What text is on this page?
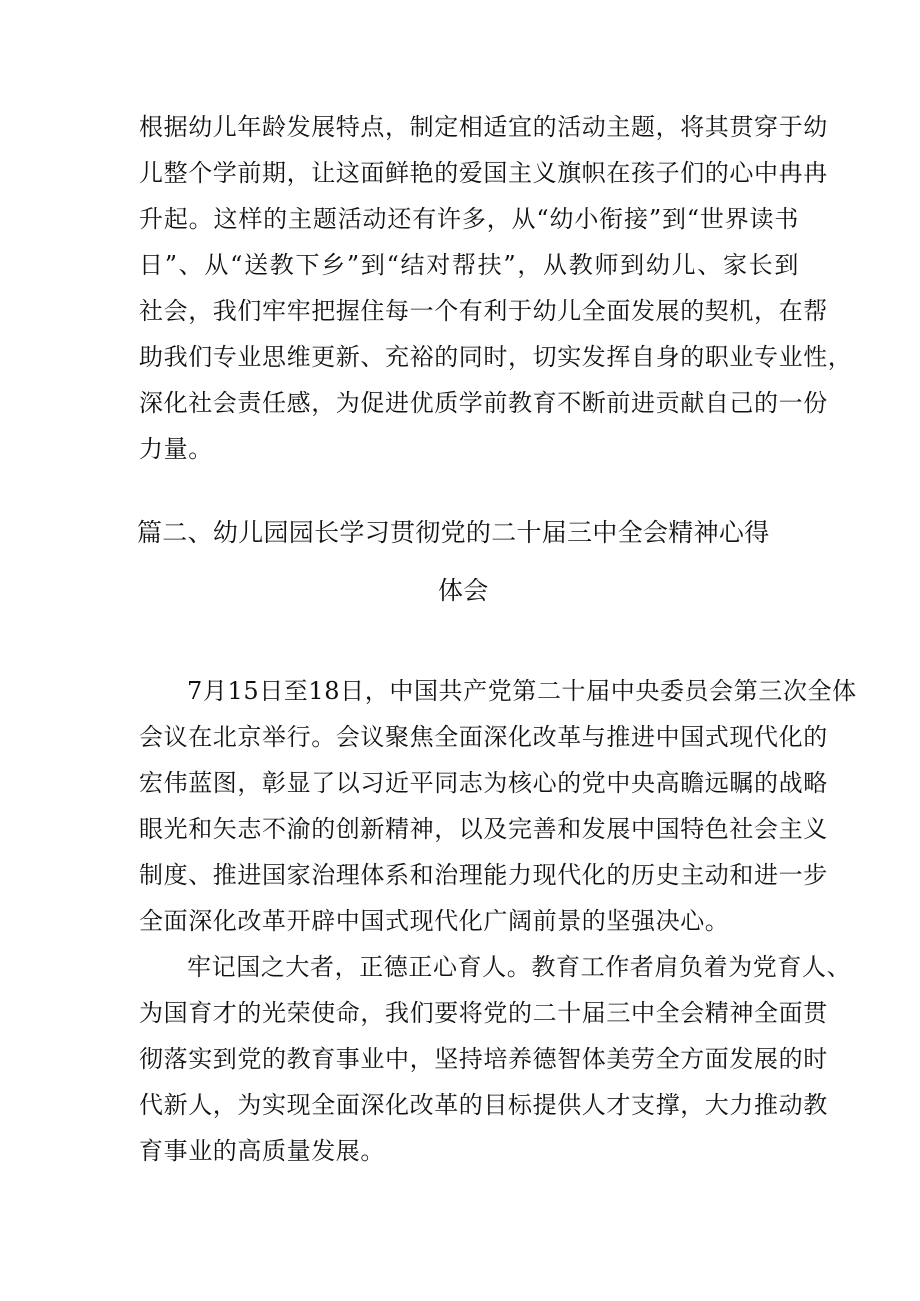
根据幼儿年龄发展特点，制定相适宜的活动主题，将其贯穿于幼
儿整个学前期，让这面鲜艳的爱国主义旗帜在孩子们的心中冉冉
升起。这样的主题活动还有许多，从“幼小衔接”到“世界读书
日”、从“送教下乡”到“结对帮扶”，从教师到幼儿、家长到
社会，我们牢牢把握住每一个有利于幼儿全面发展的契机，在帮
助我们专业思维更新、充裕的同时，切实发挥自身的职业专业性，
深化社会责任感，为促进优质学前教育不断前进贡献自己的一份
力量。
篇二、幼儿园园长学习贯彻党的二十届三中全会精神心得
体会
7月15日至18日，中国共产党第二十届中央委员会第三次全体
会议在北京举行。会议聚焦全面深化改革与推进中国式现代化的
宏伟蓝图，彰显了以习近平同志为核心的党中央高瞻远瞩的战略
眼光和矢志不渝的创新精神，以及完善和发展中国特色社会主义
制度、推进国家治理体系和治理能力现代化的历史主动和进一步
全面深化改革开辟中国式现代化广阔前景的坚强决心。
牢记国之大者，正德正心育人。教育工作者肩负着为党育人、
为国育才的光荣使命，我们要将党的二十届三中全会精神全面贯
彻落实到党的教育事业中，坚持培养德智体美劳全方面发展的时
代新人，为实现全面深化改革的目标提供人才支撑，大力推动教
育事业的高质量发展。
